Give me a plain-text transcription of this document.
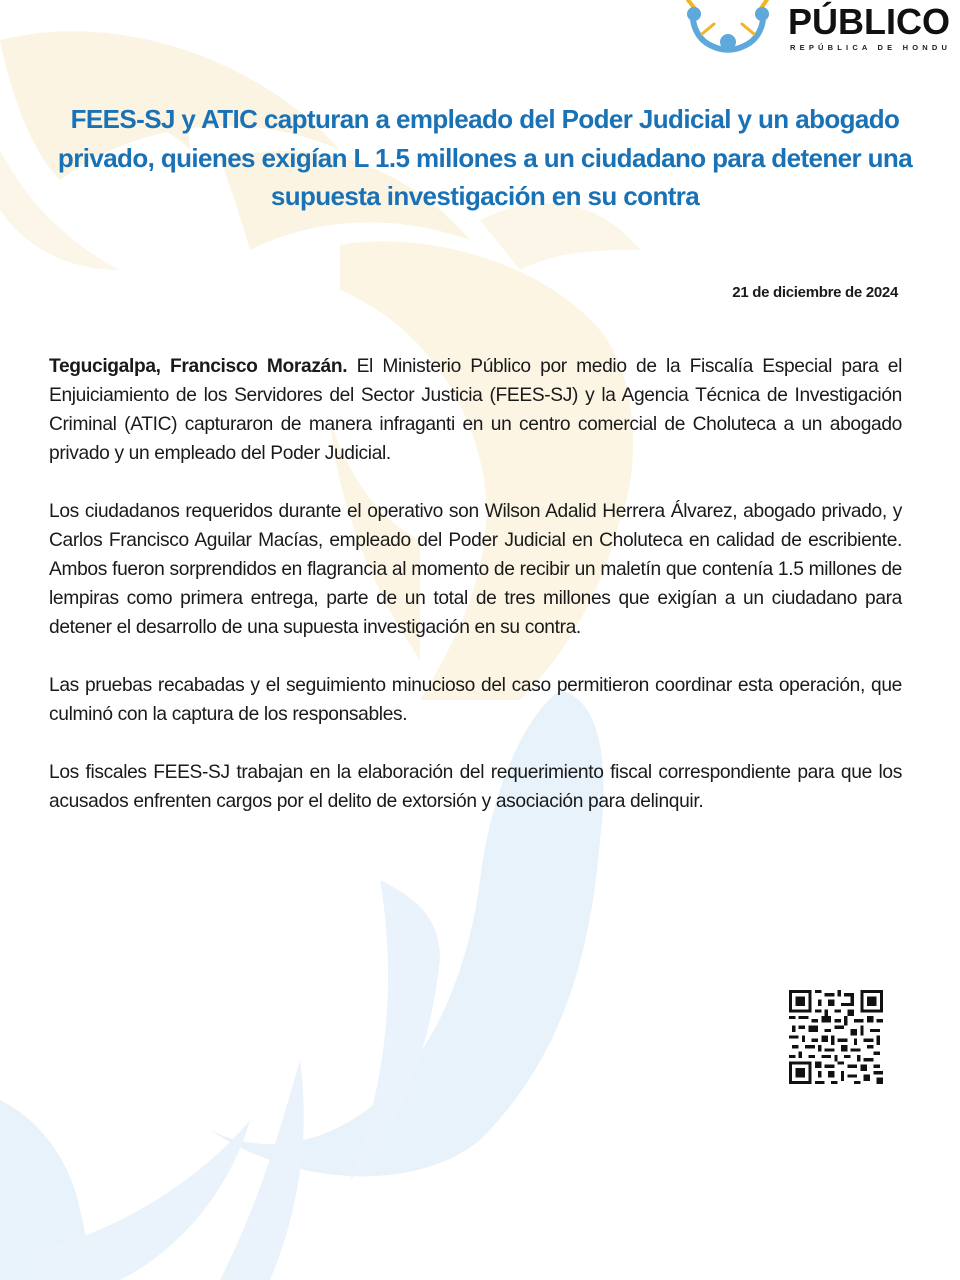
PÚBLICO
REPÚBLICA DE HONDU
FEES-SJ y ATIC capturan a empleado del Poder Judicial y un abogado privado, quienes exigían L 1.5 millones a un ciudadano para detener una supuesta investigación en su contra
21 de diciembre de 2024

Tegucigalpa, Francisco Morazán. El Ministerio Público por medio de la Fiscalía Especial para el Enjuiciamiento de los Servidores del Sector Justicia (FEES-SJ) y la Agencia Técnica de Investigación Criminal (ATIC) capturaron de manera infraganti en un centro comercial de Choluteca a un abogado privado y un empleado del Poder Judicial.

Los ciudadanos requeridos durante el operativo son Wilson Adalid Herrera Álvarez, abogado privado, y Carlos Francisco Aguilar Macías, empleado del Poder Judicial en Choluteca en calidad de escribiente. Ambos fueron sorprendidos en flagrancia al momento de recibir un maletín que contenía 1.5 millones de lempiras como primera entrega, parte de un total de tres millones que exigían a un ciudadano para detener el desarrollo de una supuesta investigación en su contra.

Las pruebas recabadas y el seguimiento minucioso del caso permitieron coordinar esta operación, que culminó con la captura de los responsables.

Los fiscales FEES-SJ trabajan en la elaboración del requerimiento fiscal correspondiente para que los acusados enfrenten cargos por el delito de extorsión y asociación para delinquir.
